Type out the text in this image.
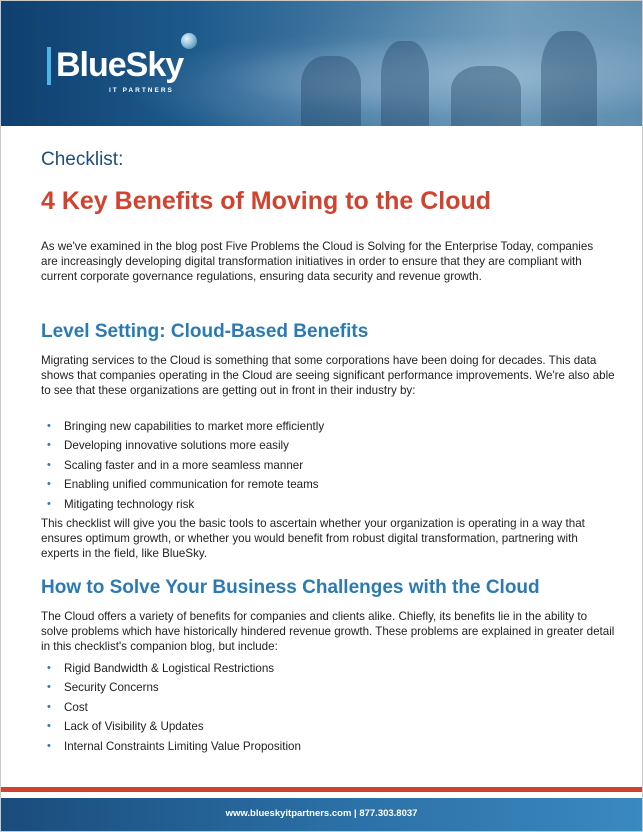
BlueSky
IT PARTNERS
Checklist:
4 Key Benefits of Moving to the Cloud
As we've examined in the blog post Five Problems the Cloud is Solving for the Enterprise Today, companies are increasingly developing digital transformation initiatives in order to ensure that they are compliant with current corporate governance regulations, ensuring data security and revenue growth.
Level Setting: Cloud-Based Benefits
Migrating services to the Cloud is something that some corporations have been doing for decades. This data shows that companies operating in the Cloud are seeing significant performance improvements. We're also able to see that these organizations are getting out in front in their industry by:
• Bringing new capabilities to market more efficiently
• Developing innovative solutions more easily
• Scaling faster and in a more seamless manner
• Enabling unified communication for remote teams
• Mitigating technology risk
This checklist will give you the basic tools to ascertain whether your organization is operating in a way that ensures optimum growth, or whether you would benefit from robust digital transformation, partnering with experts in the field, like BlueSky.
How to Solve Your Business Challenges with the Cloud
The Cloud offers a variety of benefits for companies and clients alike. Chiefly, its benefits lie in the ability to solve problems which have historically hindered revenue growth. These problems are explained in greater detail in this checklist's companion blog, but include:
• Rigid Bandwidth & Logistical Restrictions
• Security Concerns
• Cost
• Lack of Visibility & Updates
• Internal Constraints Limiting Value Proposition
www.blueskyitpartners.com | 877.303.8037
